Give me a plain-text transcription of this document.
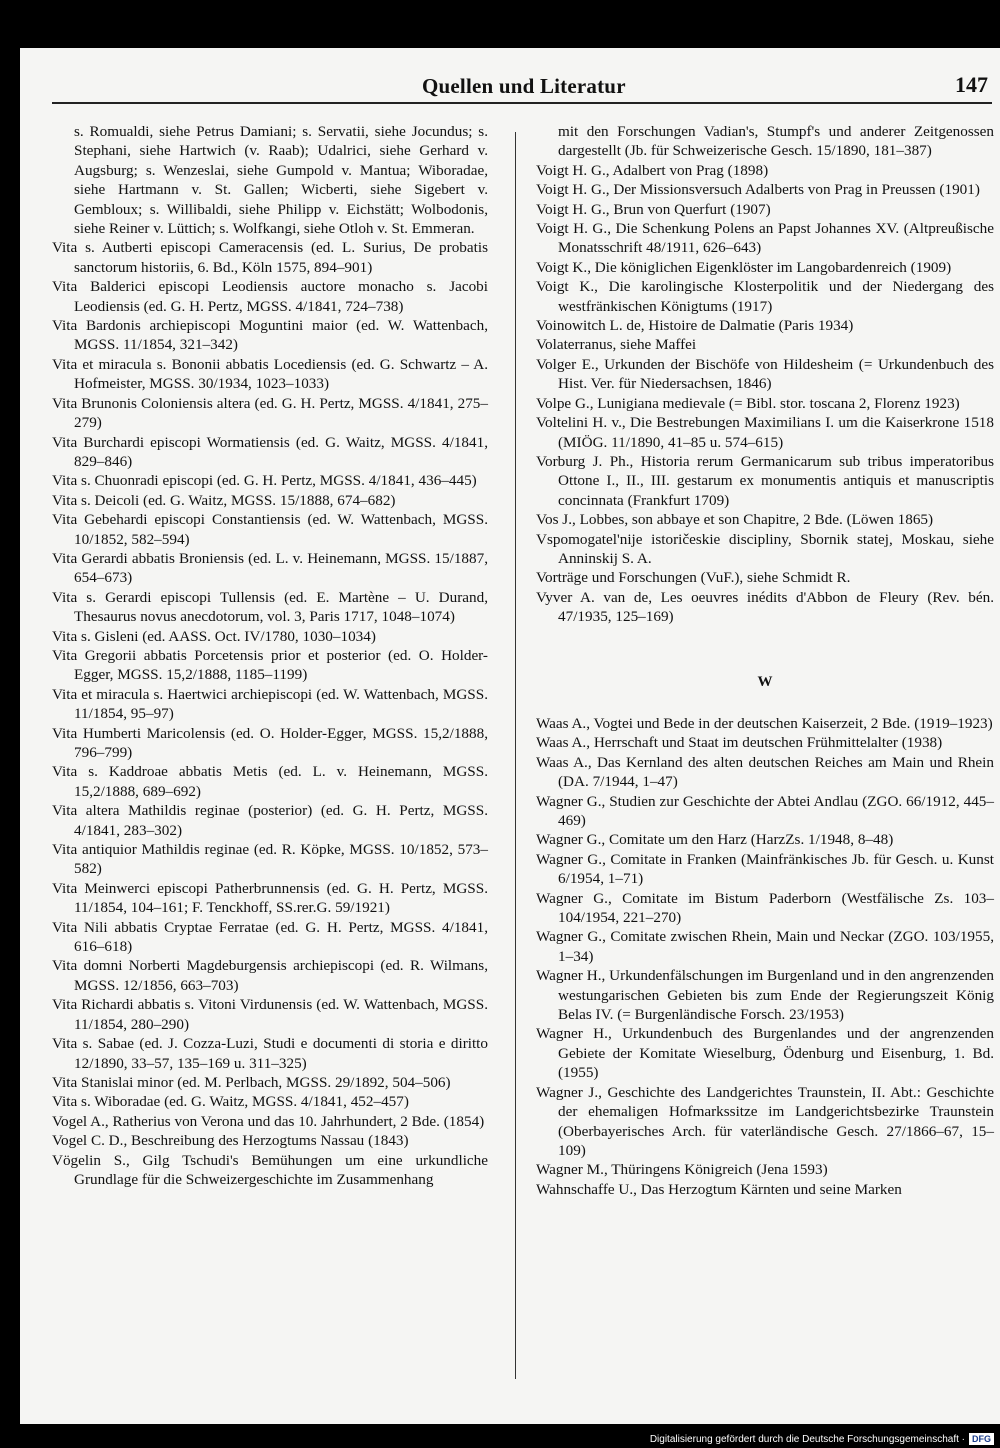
Quellen und Literatur	147

s. Romualdi, siehe Petrus Damiani; s. Servatii, siehe Jocundus; s. Stephani, siehe Hartwich (v. Raab); Udalrici, siehe Gerhard v. Augsburg; s. Wenzeslai, siehe Gumpold v. Mantua; Wiboradae, siehe Hartmann v. St. Gallen; Wicberti, siehe Sigebert v. Gembloux; s. Willibaldi, siehe Philipp v. Eichstätt; Wolbodonis, siehe Reiner v. Lüttich; s. Wolfkangi, siehe Otloh v. St. Emmeran.

Vita s. Autberti episcopi Cameracensis (ed. L. Surius, De probatis sanctorum historiis, 6. Bd., Köln 1575, 894–901)

Vita Balderici episcopi Leodiensis auctore monacho s. Jacobi Leodiensis (ed. G. H. Pertz, MGSS. 4/1841, 724–738)

Vita Bardonis archiepiscopi Moguntini maior (ed. W. Wattenbach, MGSS. 11/1854, 321–342)

Vita et miracula s. Bononii abbatis Locediensis (ed. G. Schwartz – A. Hofmeister, MGSS. 30/1934, 1023–1033)

Vita Brunonis Coloniensis altera (ed. G. H. Pertz, MGSS. 4/1841, 275–279)

Vita Burchardi episcopi Wormatiensis (ed. G. Waitz, MGSS. 4/1841, 829–846)

Vita s. Chuonradi episcopi (ed. G. H. Pertz, MGSS. 4/1841, 436–445)

Vita s. Deicoli (ed. G. Waitz, MGSS. 15/1888, 674–682)

Vita Gebehardi episcopi Constantiensis (ed. W. Wattenbach, MGSS. 10/1852, 582–594)

Vita Gerardi abbatis Broniensis (ed. L. v. Heinemann, MGSS. 15/1887, 654–673)

Vita s. Gerardi episcopi Tullensis (ed. E. Martène – U. Durand, Thesaurus novus anecdotorum, vol. 3, Paris 1717, 1048–1074)

Vita s. Gisleni (ed. AASS. Oct. IV/1780, 1030–1034)

Vita Gregorii abbatis Porcetensis prior et posterior (ed. O. Holder-Egger, MGSS. 15,2/1888, 1185–1199)

Vita et miracula s. Haertwici archiepiscopi (ed. W. Wattenbach, MGSS. 11/1854, 95–97)

Vita Humberti Maricolensis (ed. O. Holder-Egger, MGSS. 15,2/1888, 796–799)

Vita s. Kaddroae abbatis Metis (ed. L. v. Heinemann, MGSS. 15,2/1888, 689–692)

Vita altera Mathildis reginae (posterior) (ed. G. H. Pertz, MGSS. 4/1841, 283–302)

Vita antiquior Mathildis reginae (ed. R. Köpke, MGSS. 10/1852, 573–582)

Vita Meinwerci episcopi Patherbrunnensis (ed. G. H. Pertz, MGSS. 11/1854, 104–161; F. Tenckhoff, SS.rer.G. 59/1921)

Vita Nili abbatis Cryptae Ferratae (ed. G. H. Pertz, MGSS. 4/1841, 616–618)

Vita domni Norberti Magdeburgensis archiepiscopi (ed. R. Wilmans, MGSS. 12/1856, 663–703)

Vita Richardi abbatis s. Vitoni Virdunensis (ed. W. Wattenbach, MGSS. 11/1854, 280–290)

Vita s. Sabae (ed. J. Cozza-Luzi, Studi e documenti di storia e diritto 12/1890, 33–57, 135–169 u. 311–325)

Vita Stanislai minor (ed. M. Perlbach, MGSS. 29/1892, 504–506)

Vita s. Wiboradae (ed. G. Waitz, MGSS. 4/1841, 452–457)

Vogel A., Ratherius von Verona und das 10. Jahrhundert, 2 Bde. (1854)

Vogel C. D., Beschreibung des Herzogtums Nassau (1843)

Vögelin S., Gilg Tschudi's Bemühungen um eine urkundliche Grundlage für die Schweizergeschichte im Zusammenhang

mit den Forschungen Vadian's, Stumpf's und anderer Zeitgenossen dargestellt (Jb. für Schweizerische Gesch. 15/1890, 181–387)

Voigt H. G., Adalbert von Prag (1898)

Voigt H. G., Der Missionsversuch Adalberts von Prag in Preussen (1901)

Voigt H. G., Brun von Querfurt (1907)

Voigt H. G., Die Schenkung Polens an Papst Johannes XV. (Altpreußische Monatsschrift 48/1911, 626–643)

Voigt K., Die königlichen Eigenklöster im Langobardenreich (1909)

Voigt K., Die karolingische Klosterpolitik und der Niedergang des westfränkischen Königtums (1917)

Voinowitch L. de, Histoire de Dalmatie (Paris 1934)

Volaterranus, siehe Maffei

Volger E., Urkunden der Bischöfe von Hildesheim (= Urkundenbuch des Hist. Ver. für Niedersachsen, 1846)

Volpe G., Lunigiana medievale (= Bibl. stor. toscana 2, Florenz 1923)

Voltelini H. v., Die Bestrebungen Maximilians I. um die Kaiserkrone 1518 (MIÖG. 11/1890, 41–85 u. 574–615)

Vorburg J. Ph., Historia rerum Germanicarum sub tribus imperatoribus Ottone I., II., III. gestarum ex monumentis antiquis et manuscriptis concinnata (Frankfurt 1709)

Vos J., Lobbes, son abbaye et son Chapitre, 2 Bde. (Löwen 1865)

Vspomogatel'nije istoričeskie discipliny, Sbornik statej, Moskau, siehe Anninskij S. A.

Vorträge und Forschungen (VuF.), siehe Schmidt R.

Vyver A. van de, Les oeuvres inédits d'Abbon de Fleury (Rev. bén. 47/1935, 125–169)

W

Waas A., Vogtei und Bede in der deutschen Kaiserzeit, 2 Bde. (1919–1923)

Waas A., Herrschaft und Staat im deutschen Frühmittelalter (1938)

Waas A., Das Kernland des alten deutschen Reiches am Main und Rhein (DA. 7/1944, 1–47)

Wagner G., Studien zur Geschichte der Abtei Andlau (ZGO. 66/1912, 445–469)

Wagner G., Comitate um den Harz (HarzZs. 1/1948, 8–48)

Wagner G., Comitate in Franken (Mainfränkisches Jb. für Gesch. u. Kunst 6/1954, 1–71)

Wagner G., Comitate im Bistum Paderborn (Westfälische Zs. 103–104/1954, 221–270)

Wagner G., Comitate zwischen Rhein, Main und Neckar (ZGO. 103/1955, 1–34)

Wagner H., Urkundenfälschungen im Burgenland und in den angrenzenden westungarischen Gebieten bis zum Ende der Regierungszeit König Belas IV. (= Burgenländische Forsch. 23/1953)

Wagner H., Urkundenbuch des Burgenlandes und der angrenzenden Gebiete der Komitate Wieselburg, Ödenburg und Eisenburg, 1. Bd. (1955)

Wagner J., Geschichte des Landgerichtes Traunstein, II. Abt.: Geschichte der ehemaligen Hofmarkssitze im Landgerichtsbezirke Traunstein (Oberbayerisches Arch. für vaterländische Gesch. 27/1866–67, 15–109)

Wagner M., Thüringens Königreich (Jena 1593)

Wahnschaffe U., Das Herzogtum Kärnten und seine Marken

Digitalisierung gefördert durch die Deutsche Forschungsgemeinschaft · DFG
